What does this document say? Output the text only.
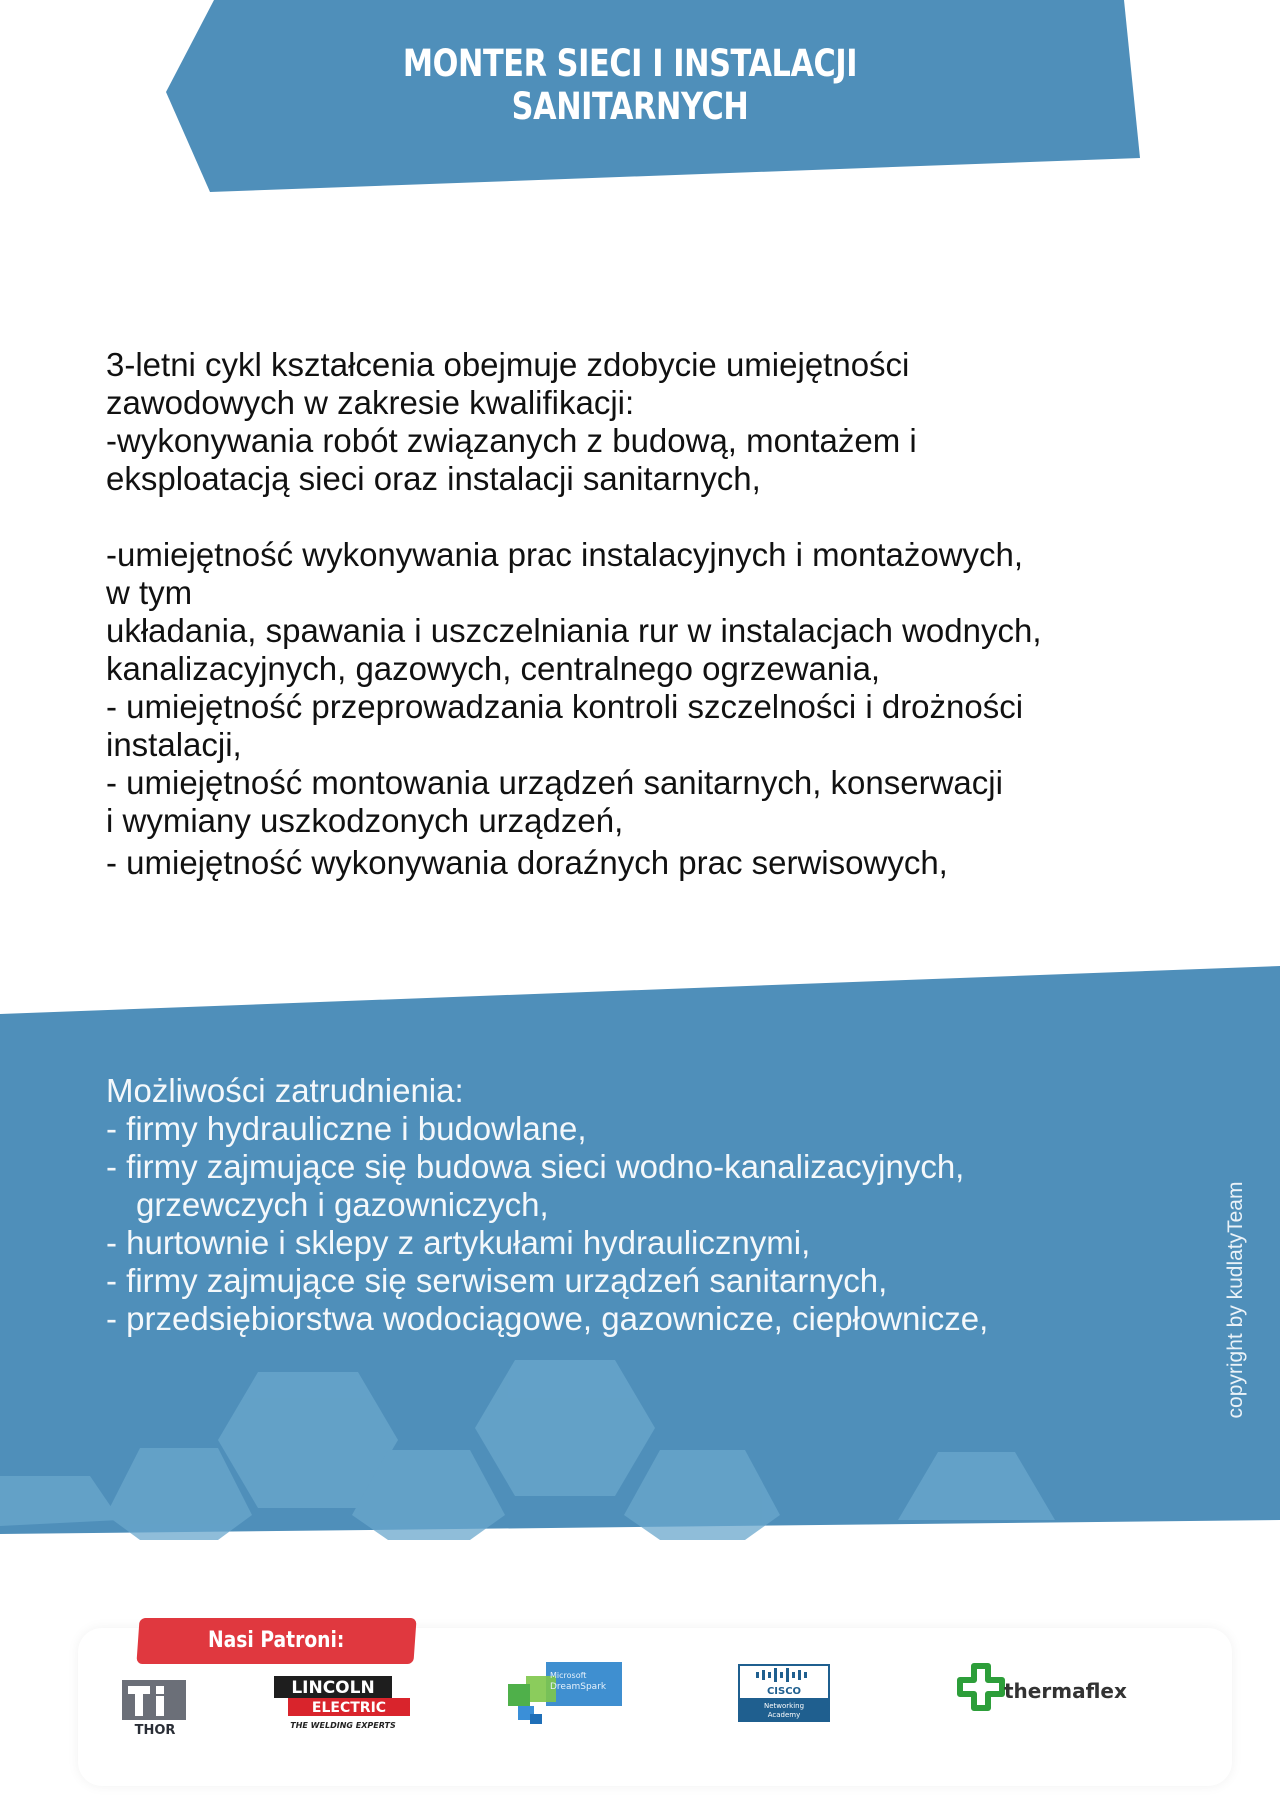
MONTER SIECI I INSTALACJI
SANITARNYCH
3-letni cykl kształcenia obejmuje zdobycie umiejętności
zawodowych w zakresie kwalifikacji:
-wykonywania robót związanych z budową, montażem i
eksploatacją sieci oraz instalacji sanitarnych,
-umiejętność wykonywania prac instalacyjnych i montażowych,
w tym
układania, spawania i uszczelniania rur w instalacjach wodnych,
kanalizacyjnych, gazowych, centralnego ogrzewania,
- umiejętność przeprowadzania kontroli szczelności i drożności
instalacji,
- umiejętność montowania urządzeń sanitarnych, konserwacji
i wymiany uszkodzonych urządzeń,
- umiejętność wykonywania doraźnych prac serwisowych,
Możliwości zatrudnienia:
- firmy hydrauliczne i budowlane,
- firmy zajmujące się budowa sieci wodno-kanalizacyjnych,
grzewczych i gazowniczych,
- hurtownie i sklepy z artykułami hydraulicznymi,
- firmy zajmujące się serwisem urządzeń sanitarnych,
- przedsiębiorstwa wodociągowe, gazownicze, ciepłownicze,	copyright by kudlatyTeam
Nasi Patroni:
THOR
LINCOLN
ELECTRIC
THE WELDING EXPERTS
Microsoft
DreamSpark	CISCO
Networking
Academy
thermaflex
